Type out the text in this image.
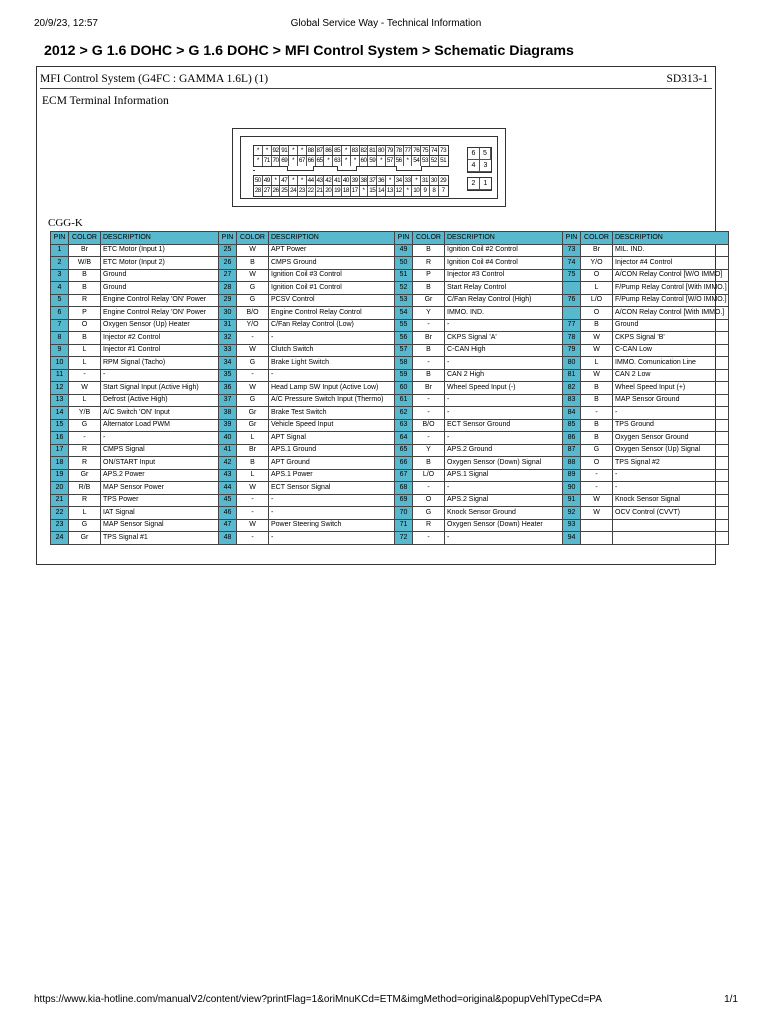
20/9/23, 12:57	Global Service Way - Technical Information
2012 > G 1.6 DOHC > G 1.6 DOHC > MFI Control System > Schematic Diagrams
MFI Control System (G4FC : GAMMA 1.6L) (1)	SD313-1
ECM Terminal Information
*	* 92 91 *	* 88 87 86 85 * 83 82 81 80 79 78 77 76 75 74 73
* 71 70 69 * 67 66 65 * 63 *	* 60 59 * 57 56 * 54 53 52 51
50 49 * 47 *	* 44 43 42 41 40 39 38 37 36 * 34 33 * 31 30 29
28 27 26 25 24 23 22 21 20 19 18 17 * 15 14 13 12 * 10 9 8 7
6	5
4	3
2	1
CGG-K
PIN	COLOR	DESCRIPTION	PIN	COLOR	DESCRIPTION	PIN	COLOR	DESCRIPTION	PIN	COLOR	DESCRIPTION
1	Br	ETC Motor (Input 1)	25	W	APT Power	49	B	Ignition Coil #2 Control	73	Br	MIL. IND.
2	W/B	ETC Motor (Input 2)	26	B	CMPS Ground	50	R	Ignition Coil #4 Control	74	Y/O	Injector #4 Control
3	B	Ground	27	W	Ignition Coil #3 Control	51	P	Injector #3 Control	75	O	A/CON Relay Control [W/O IMMO]
4	B	Ground	28	G	Ignition Coil #1 Control	52	B	Start Relay Control		L	F/Pump Relay Control [With IMMO.]
5	R	Engine Control Relay 'ON' Power	29	G	PCSV Control	53	Gr	C/Fan Relay Control (High)	76	L/O	F/Pump Relay Control [W/O IMMO.]
6	P	Engine Control Relay 'ON' Power	30	B/O	Engine Control Relay Control	54	Y	IMMO. IND.		O	A/CON Relay Control [With IMMO.]
7	O	Oxygen Sensor (Up) Heater	31	Y/O	C/Fan Relay Control (Low)	55	-	-	77	B	Ground
8	B	Injector #2 Control	32	-	-	56	Br	CKPS Signal 'A'	78	W	CKPS Signal 'B'
9	L	Injector #1 Control	33	W	Clutch Switch	57	B	C-CAN High	79	W	C-CAN Low
10	L	RPM Signal (Tacho)	34	G	Brake Light Switch	58	-	-	80	L	IMMO. Comunication Line
11	-	-	35	-	-	59	B	CAN 2 High	81	W	CAN 2 Low
12	W	Start Signal Input (Active High)	36	W	Head Lamp SW Input (Active Low)	60	Br	Wheel Speed Input (-)	82	B	Wheel Speed Input (+)
13	L	Defrost (Active High)	37	G	A/C Pressure Switch Input (Thermo)	61	-	-	83	B	MAP Sensor Ground
14	Y/B	A/C Switch 'ON' Input	38	Gr	Brake Test Switch	62	-	-	84	-	-
15	G	Alternator Load PWM	39	Gr	Vehicle Speed Input	63	B/O	ECT Sensor Ground	85	B	TPS Ground
16	-	-	40	L	APT Signal	64	-	-	86	B	Oxygen Sensor Ground
17	R	CMPS Signal	41	Br	APS.1 Ground	65	Y	APS.2 Ground	87	G	Oxygen Sensor (Up) Signal
18	R	ON/START Input	42	B	APT Ground	66	B	Oxygen Sensor (Down) Signal	88	O	TPS Signal #2
19	Gr	APS.2 Power	43	L	APS.1 Power	67	L/O	APS.1 Signal	89	-	-
20	R/B	MAP Sensor Power	44	W	ECT Sensor Signal	68	-	-	90	-	-
21	R	TPS Power	45	-	-	69	O	APS.2 Signal	91	W	Knock Sensor Signal
22	L	IAT Signal	46	-	-	70	G	Knock Sensor Ground	92	W	OCV Control (CVVT)
23	G	MAP Sensor Signal	47	W	Power Steering Switch	71	R	Oxygen Sensor (Down) Heater	93		
24	Gr	TPS Signal #1	48	-	-	72	-	-	94		
https://www.kia-hotline.com/manualV2/content/view?printFlag=1&oriMnuKCd=ETM&imgMethod=original&popupVehlTypeCd=PA	1/1
